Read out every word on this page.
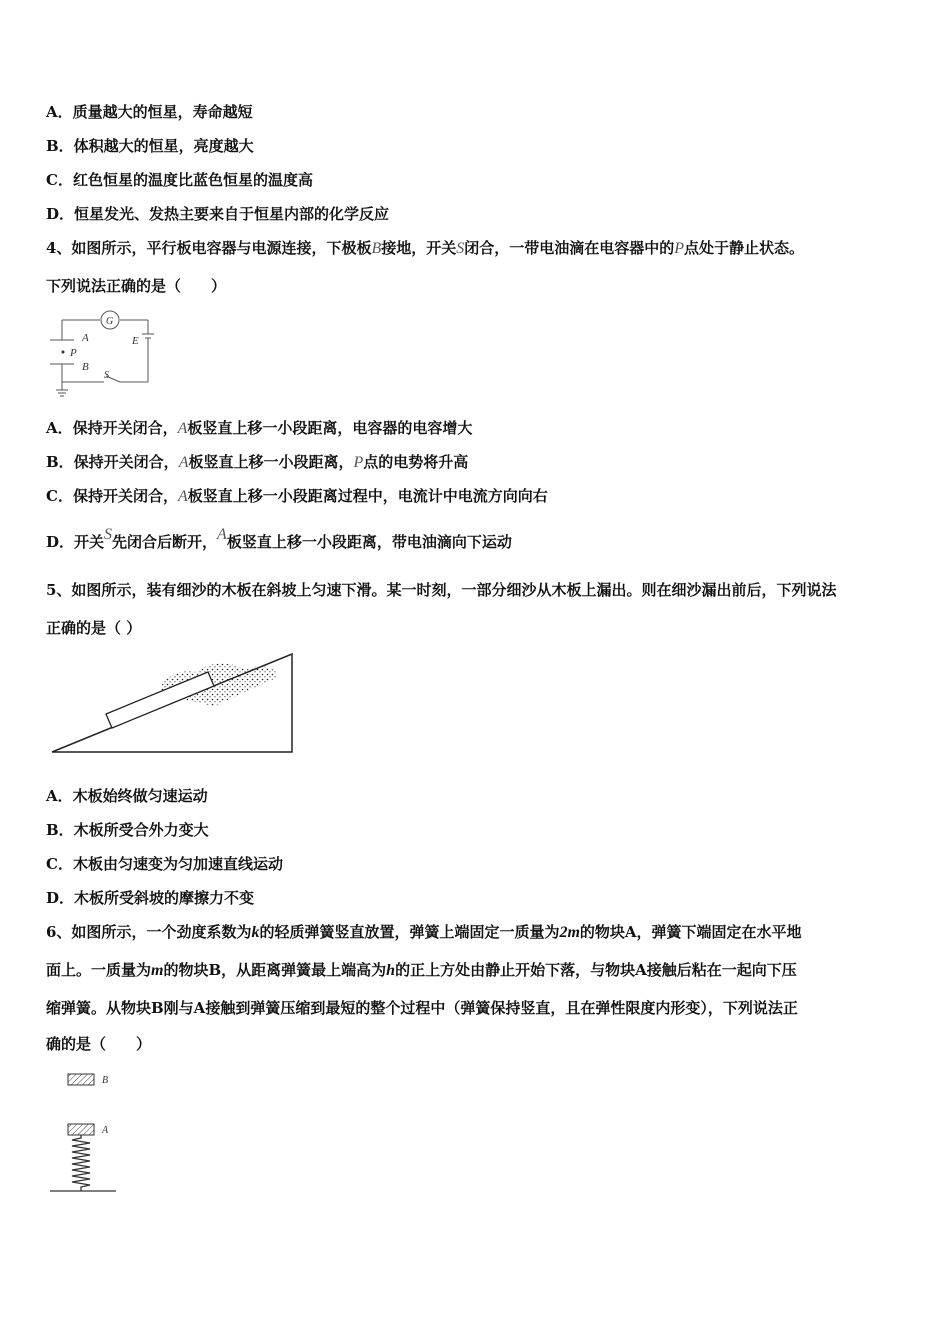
A．质量越大的恒星，寿命越短
B．体积越大的恒星，亮度越大
C．红色恒星的温度比蓝色恒星的温度高
D．恒星发光、发热主要来自于恒星内部的化学反应
4、如图所示，平行板电容器与电源连接，下极板B接地，开关S闭合，一带电油滴在电容器中的P点处于静止状态。
下列说法正确的是（　　）
G
A	E
P
B
S
A．保持开关闭合，A板竖直上移一小段距离，电容器的电容增大
B．保持开关闭合，A板竖直上移一小段距离，P点的电势将升高
C．保持开关闭合，A板竖直上移一小段距离过程中，电流计中电流方向向右
D．开关S先闭合后断开，A板竖直上移一小段距离，带电油滴向下运动
5、如图所示，装有细沙的木板在斜坡上匀速下滑。某一时刻，一部分细沙从木板上漏出。则在细沙漏出前后，下列说法
正确的是（ ）
A．木板始终做匀速运动
B．木板所受合外力变大
C．木板由匀速变为匀加速直线运动
D．木板所受斜坡的摩擦力不变
6、如图所示，一个劲度系数为k的轻质弹簧竖直放置，弹簧上端固定一质量为2m的物块A，弹簧下端固定在水平地
面上。一质量为m的物块B，从距离弹簧最上端高为h的正上方处由静止开始下落，与物块A接触后粘在一起向下压
缩弹簧。从物块B刚与A接触到弹簧压缩到最短的整个过程中（弹簧保持竖直，且在弹性限度内形变），下列说法正
确的是（　　）
B
A
